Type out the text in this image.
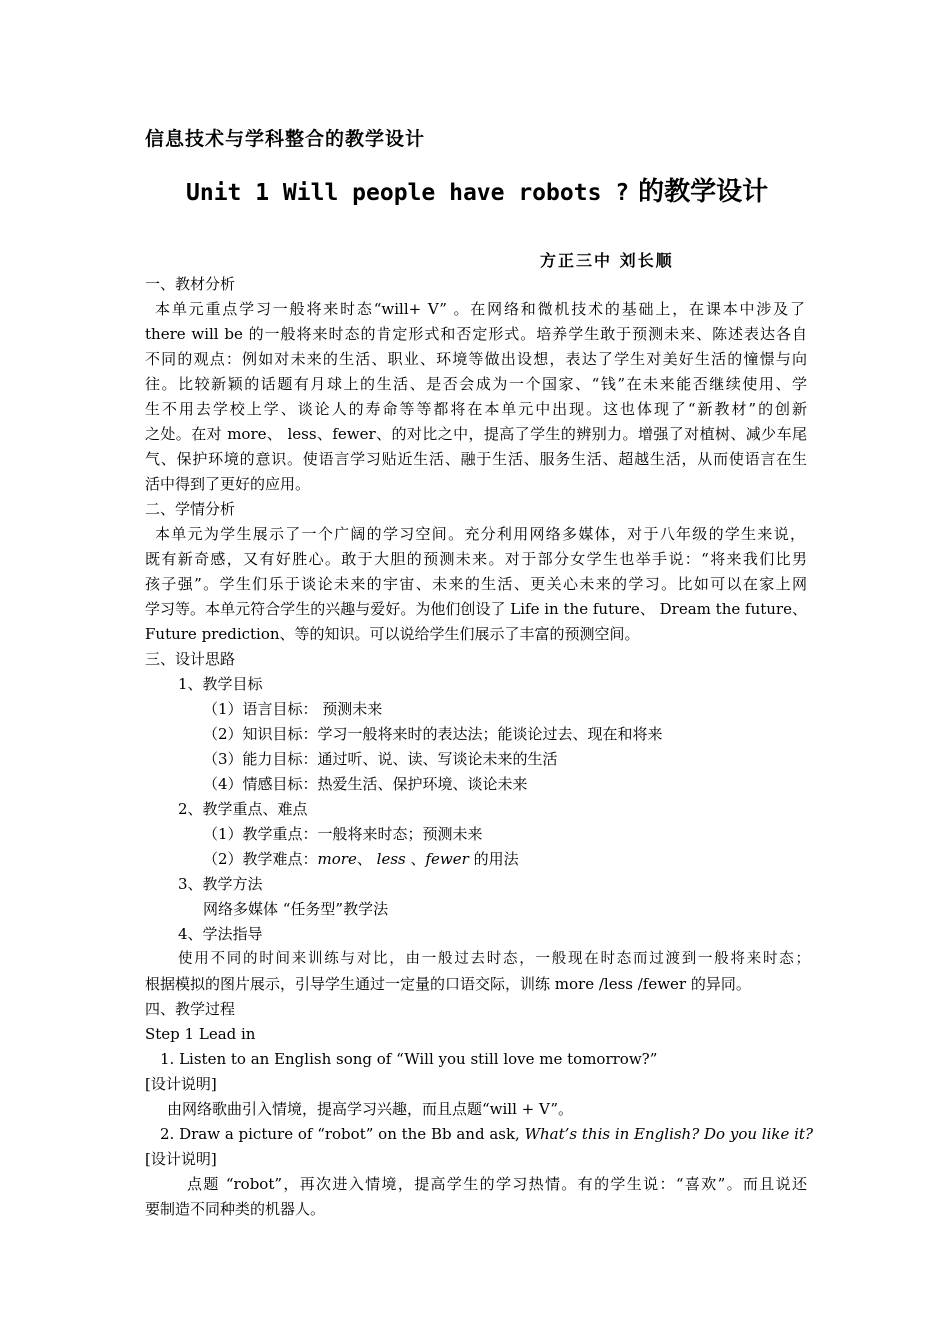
信息技术与学科整合的教学设计
Unit 1 Will people have robots ? 的教学设计
方正三中 刘长顺
一、教材分析
本单元重点学习一般将来时态“will+ V” 。在网络和微机技术的基础上，在课本中涉及了
there will be 的一般将来时态的肯定形式和否定形式。培养学生敢于预测未来、陈述表达各自
不同的观点：例如对未来的生活、职业、环境等做出设想，表达了学生对美好生活的憧憬与向
往。比较新颖的话题有月球上的生活、是否会成为一个国家、“钱”在未来能否继续使用、学
生不用去学校上学、谈论人的寿命等等都将在本单元中出现。这也体现了“新教材”的创新
之处。在对 more、 less、fewer、的对比之中，提高了学生的辨别力。增强了对植树、减少车尾
气、保护环境的意识。使语言学习贴近生活、融于生活、服务生活、超越生活，从而使语言在生
活中得到了更好的应用。
二、学情分析
本单元为学生展示了一个广阔的学习空间。充分利用网络多媒体，对于八年级的学生来说，
既有新奇感，又有好胜心。敢于大胆的预测未来。对于部分女学生也举手说：“将来我们比男
孩子强”。学生们乐于谈论未来的宇宙、未来的生活、更关心未来的学习。比如可以在家上网
学习等。本单元符合学生的兴趣与爱好。为他们创设了 Life in the future、 Dream the future、
Future prediction、等的知识。可以说给学生们展示了丰富的预测空间。
三、设计思路
1、教学目标
（1）语言目标： 预测未来
（2）知识目标：学习一般将来时的表达法；能谈论过去、现在和将来
（3）能力目标：通过听、说、读、写谈论未来的生活
（4）情感目标：热爱生活、保护环境、谈论未来
2、教学重点、难点
（1）教学重点：一般将来时态；预测未来
（2）教学难点：more、 less 、fewer 的用法
3、教学方法
网络多媒体 “任务型”教学法
4、学法指导
使用不同的时间来训练与对比，由一般过去时态，一般现在时态而过渡到一般将来时态；
根据模拟的图片展示，引导学生通过一定量的口语交际，训练 more /less /fewer 的异同。
四、教学过程
Step 1 Lead in
1. Listen to an English song of “Will you still love me tomorrow?”
[设计说明]
由网络歌曲引入情境，提高学习兴趣，而且点题“will + V”。
2. Draw a picture of “robot” on the Bb and ask, What’s this in English? Do you like it?
[设计说明]
点题 “robot”，再次进入情境，提高学生的学习热情。有的学生说：“喜欢”。而且说还
要制造不同种类的机器人。
